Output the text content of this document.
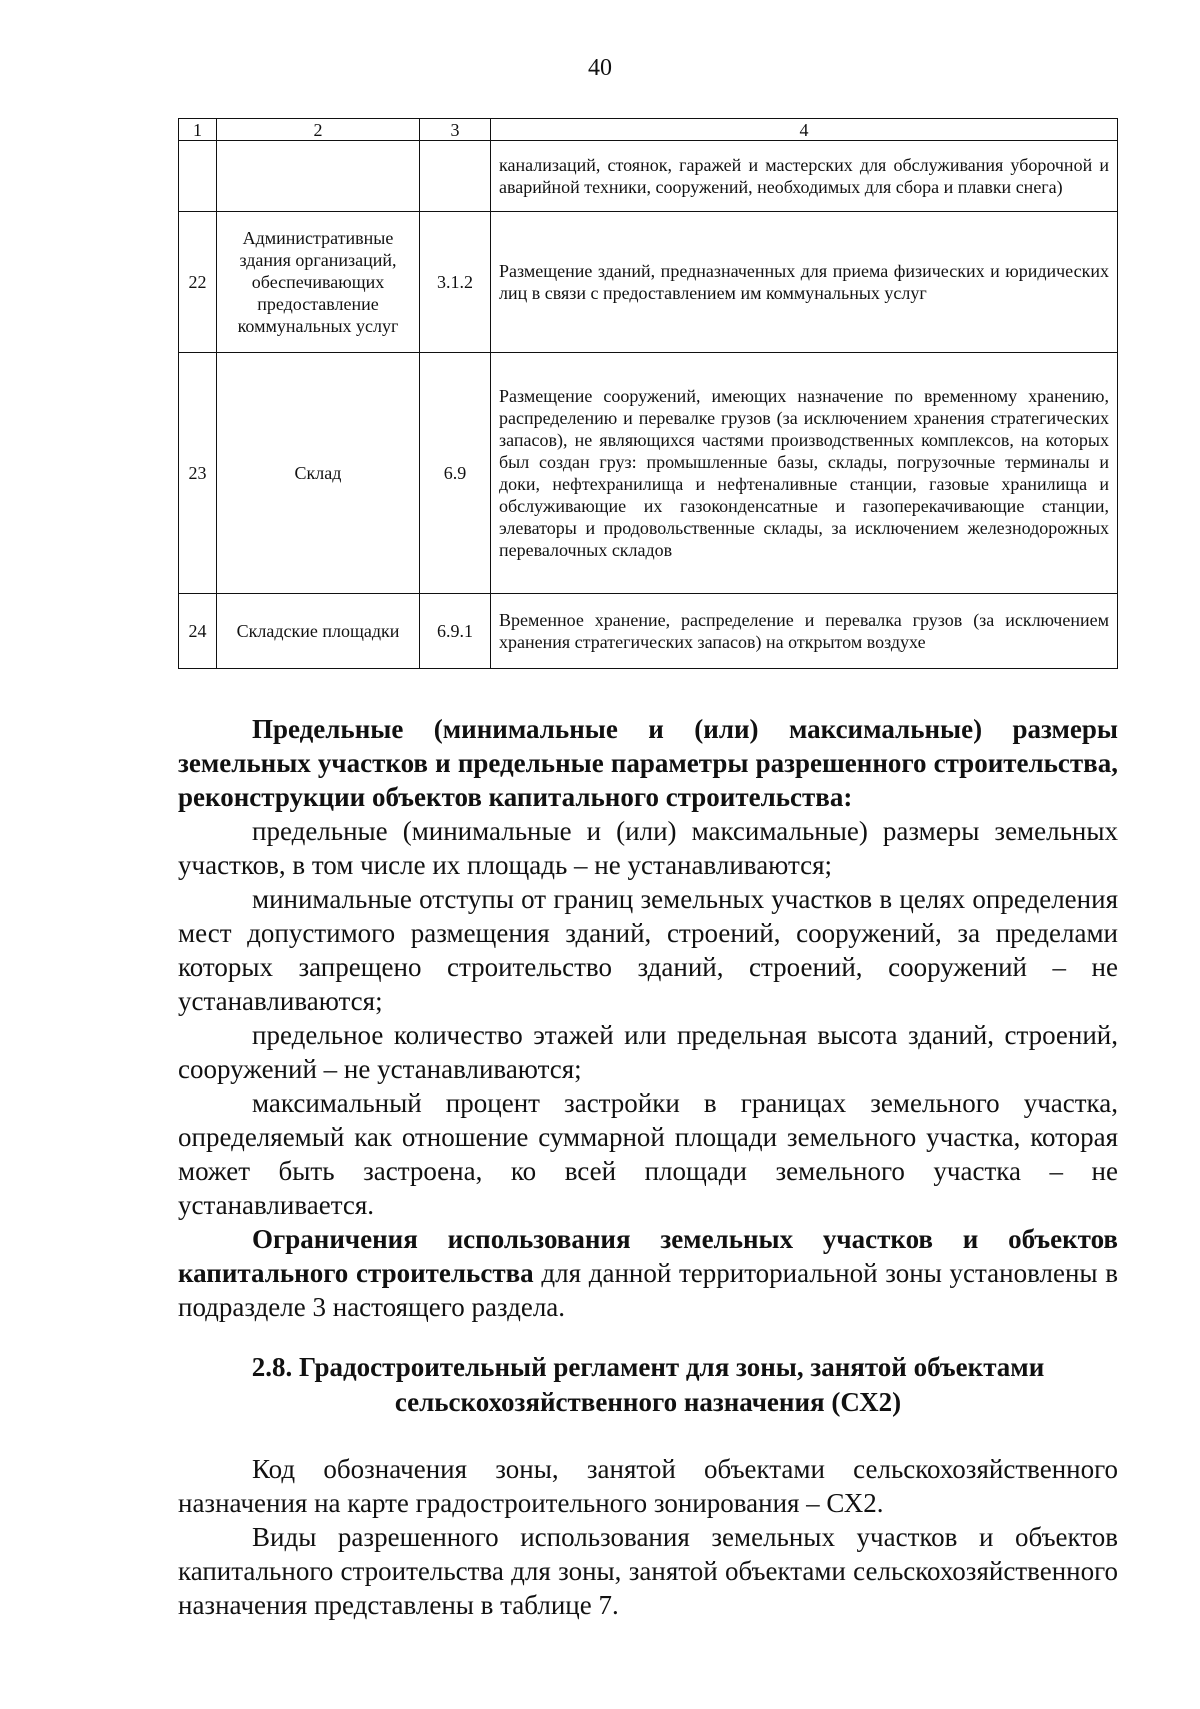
40
1	2	3	4
			канализаций, стоянок, гаражей и мастерских для обслуживания уборочной и аварийной техники, сооружений, необходимых для сбора и плавки снега)
22	Административные здания организаций, обеспечивающих предоставление коммунальных услуг	3.1.2	Размещение зданий, предназначенных для приема физических и юридических лиц в связи с предоставлением им коммунальных услуг
23	Склад	6.9	Размещение сооружений, имеющих назначение по временному хранению, распределению и перевалке грузов (за исключением хранения стратегических запасов), не являющихся частями производственных комплексов, на которых был создан груз: промышленные базы, склады, погрузочные терминалы и доки, нефтехранилища и нефтеналивные станции, газовые хранилища и обслуживающие их газоконденсатные и газоперекачивающие станции, элеваторы и продовольственные склады, за исключением железнодорожных перевалочных складов
24	Складские площадки	6.9.1	Временное хранение, распределение и перевалка грузов (за исключением хранения стратегических запасов) на открытом воздухе

Предельные (минимальные и (или) максимальные) размеры земельных участков и предельные параметры разрешенного строительства, реконструкции объектов капитального строительства:

предельные (минимальные и (или) максимальные) размеры земельных участков, в том числе их площадь – не устанавливаются;

минимальные отступы от границ земельных участков в целях определения мест допустимого размещения зданий, строений, сооружений, за пределами которых запрещено строительство зданий, строений, сооружений – не устанавливаются;

предельное количество этажей или предельная высота зданий, строений, сооружений – не устанавливаются;

максимальный процент застройки в границах земельного участка, определяемый как отношение суммарной площади земельного участка, которая может быть застроена, ко всей площади земельного участка – не устанавливается.

Ограничения использования земельных участков и объектов капитального строительства для данной территориальной зоны установлены в подразделе 3 настоящего раздела.

2.8. Градостроительный регламент для зоны, занятой объектами
сельскохозяйственного назначения (СХ2)

Код обозначения зоны, занятой объектами сельскохозяйственного назначения на карте градостроительного зонирования – СХ2.

Виды разрешенного использования земельных участков и объектов капитального строительства для зоны, занятой объектами сельскохозяйственного назначения представлены в таблице 7.
